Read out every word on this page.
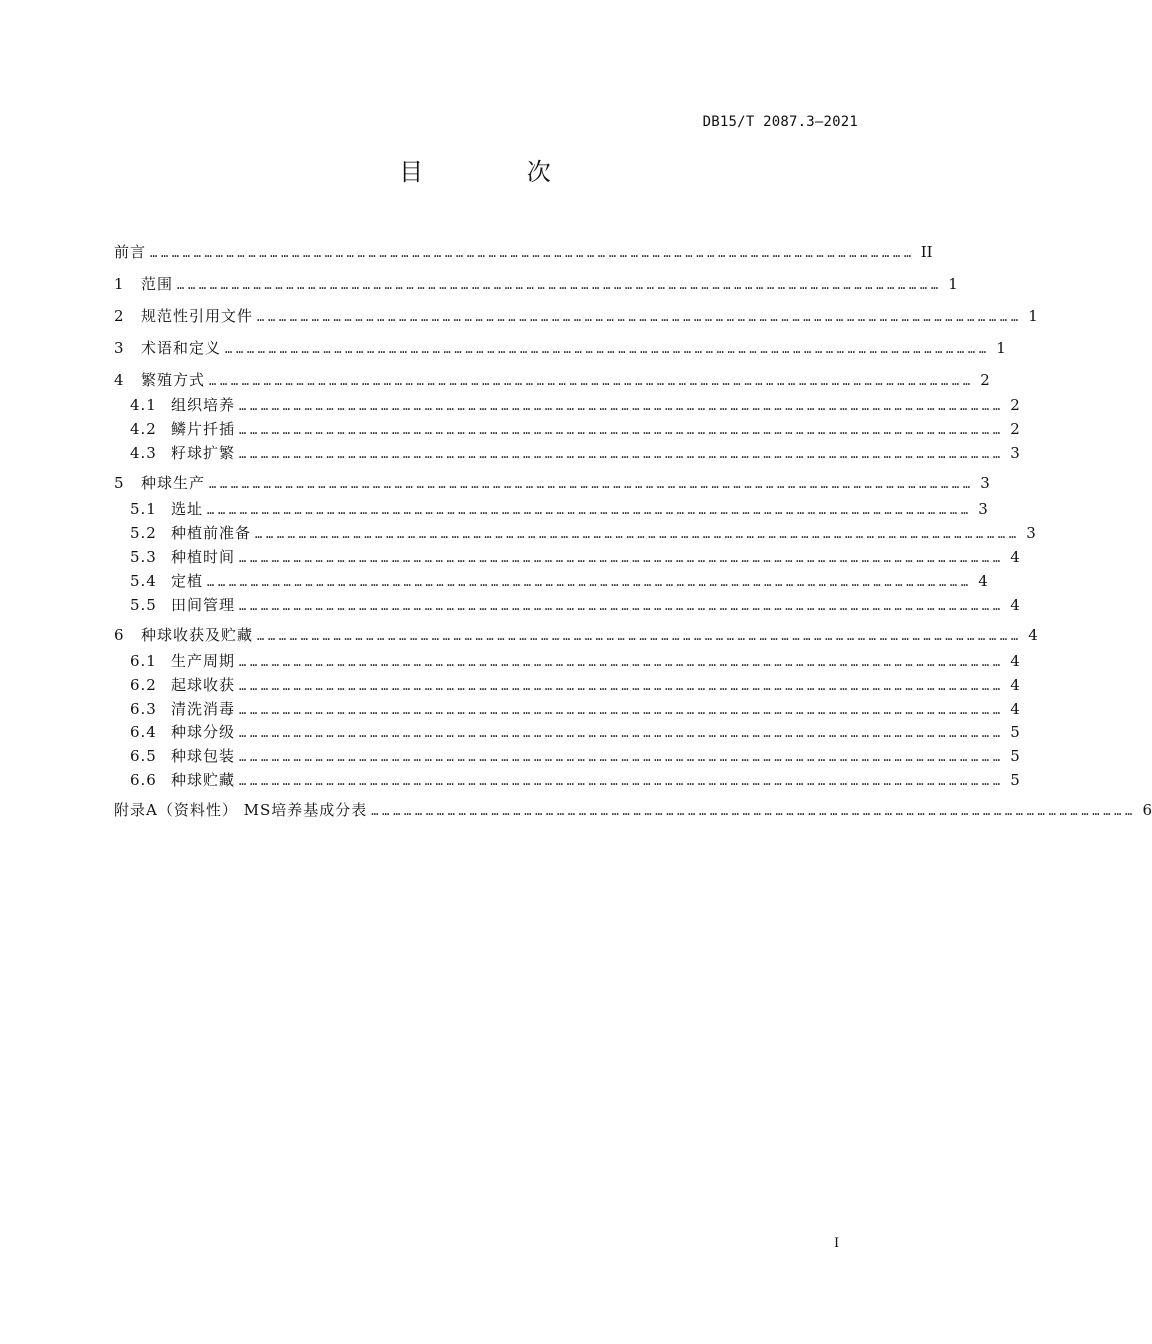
DB15/T 2087.3—2021
目 次
前言 ………………………………………………………………………………………………………………………………………………………………………………………… II
1	范围 ………………………………………………………………………………………………………………………………………………………………………………………… 1
2	规范性引用文件 ………………………………………………………………………………………………………………………………………………………………………………………… 1
3	术语和定义 ………………………………………………………………………………………………………………………………………………………………………………………… 1
4	繁殖方式 ………………………………………………………………………………………………………………………………………………………………………………………… 2
4.1 组织培养 ………………………………………………………………………………………………………………………………………………………………………………………… 2
4.2 鳞片扦插 ………………………………………………………………………………………………………………………………………………………………………………………… 2
4.3 籽球扩繁 ………………………………………………………………………………………………………………………………………………………………………………………… 3
5	种球生产 ………………………………………………………………………………………………………………………………………………………………………………………… 3
5.1 选址 ………………………………………………………………………………………………………………………………………………………………………………………… 3
5.2 种植前准备 ………………………………………………………………………………………………………………………………………………………………………………………… 3
5.3 种植时间 ………………………………………………………………………………………………………………………………………………………………………………………… 4
5.4 定植 ………………………………………………………………………………………………………………………………………………………………………………………… 4
5.5 田间管理 ………………………………………………………………………………………………………………………………………………………………………………………… 4
6	种球收获及贮藏 ………………………………………………………………………………………………………………………………………………………………………………………… 4
6.1 生产周期 ………………………………………………………………………………………………………………………………………………………………………………………… 4
6.2 起球收获 ………………………………………………………………………………………………………………………………………………………………………………………… 4
6.3 清洗消毒 ………………………………………………………………………………………………………………………………………………………………………………………… 4
6.4 种球分级 ………………………………………………………………………………………………………………………………………………………………………………………… 5
6.5 种球包装 ………………………………………………………………………………………………………………………………………………………………………………………… 5
6.6 种球贮藏 ………………………………………………………………………………………………………………………………………………………………………………………… 5
附录A（资料性） MS培养基成分表 ………………………………………………………………………………………………………………………………………………………………………………………… 6
I
